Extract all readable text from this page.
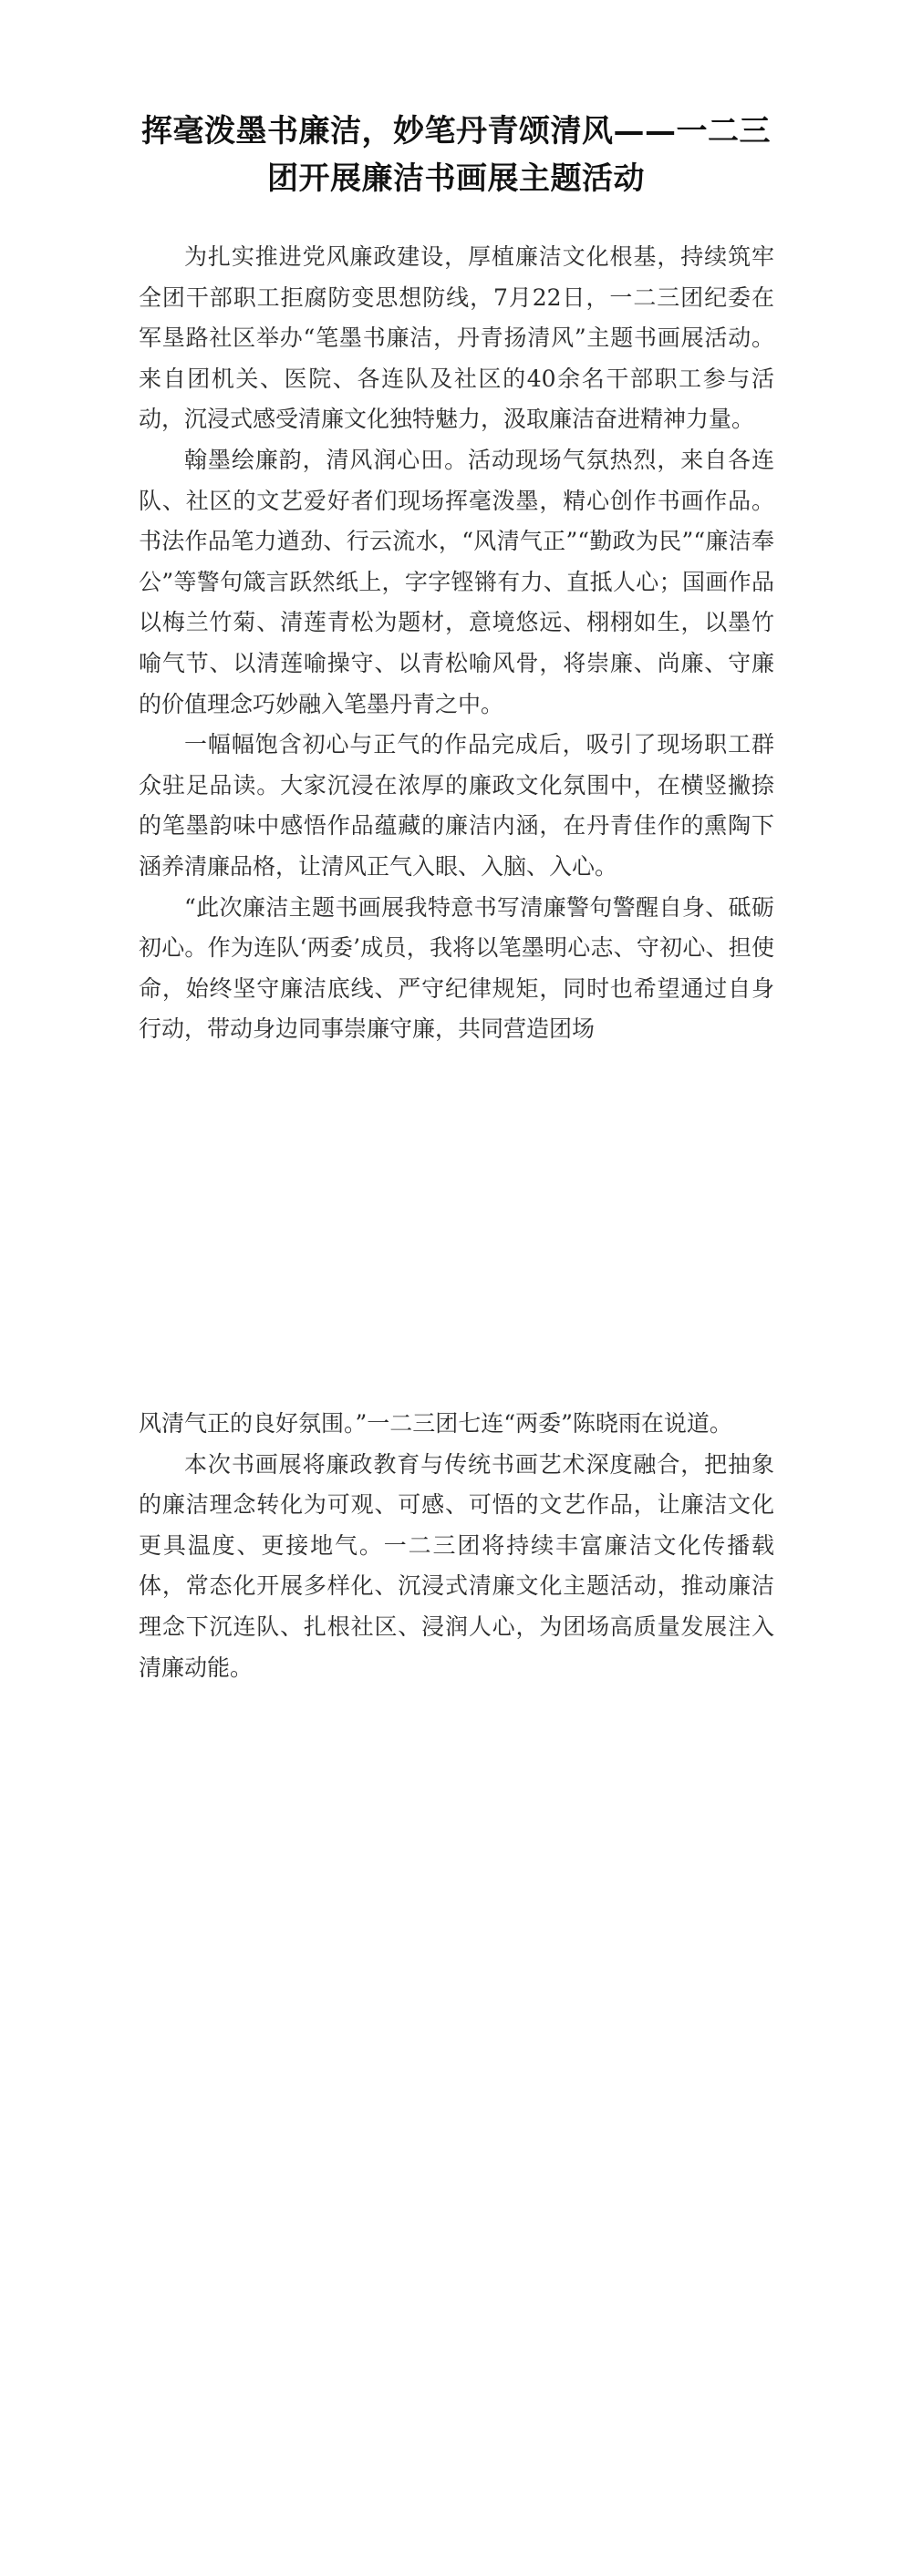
挥毫泼墨书廉洁，妙笔丹青颂清风——一二三团开展廉洁书画展主题活动

为扎实推进党风廉政建设，厚植廉洁文化根基，持续筑牢全团干部职工拒腐防变思想防线，7月22日，一二三团纪委在军垦路社区举办“笔墨书廉洁，丹青扬清风”主题书画展活动。来自团机关、医院、各连队及社区的40余名干部职工参与活动，沉浸式感受清廉文化独特魅力，汲取廉洁奋进精神力量。

翰墨绘廉韵，清风润心田。活动现场气氛热烈，来自各连队、社区的文艺爱好者们现场挥毫泼墨，精心创作书画作品。书法作品笔力遒劲、行云流水，“风清气正”“勤政为民”“廉洁奉公”等警句箴言跃然纸上，字字铿锵有力、直抵人心；国画作品以梅兰竹菊、清莲青松为题材，意境悠远、栩栩如生，以墨竹喻气节、以清莲喻操守、以青松喻风骨，将崇廉、尚廉、守廉的价值理念巧妙融入笔墨丹青之中。

一幅幅饱含初心与正气的作品完成后，吸引了现场职工群众驻足品读。大家沉浸在浓厚的廉政文化氛围中，在横竖撇捺的笔墨韵味中感悟作品蕴藏的廉洁内涵，在丹青佳作的熏陶下涵养清廉品格，让清风正气入眼、入脑、入心。

“此次廉洁主题书画展我特意书写清廉警句警醒自身、砥砺初心。作为连队‘两委’成员，我将以笔墨明心志、守初心、担使命，始终坚守廉洁底线、严守纪律规矩，同时也希望通过自身行动，带动身边同事崇廉守廉，共同营造团场

风清气正的良好氛围。”一二三团七连“两委”陈晓雨在说道。

本次书画展将廉政教育与传统书画艺术深度融合，把抽象的廉洁理念转化为可观、可感、可悟的文艺作品，让廉洁文化更具温度、更接地气。一二三团将持续丰富廉洁文化传播载体，常态化开展多样化、沉浸式清廉文化主题活动，推动廉洁理念下沉连队、扎根社区、浸润人心，为团场高质量发展注入清廉动能。
